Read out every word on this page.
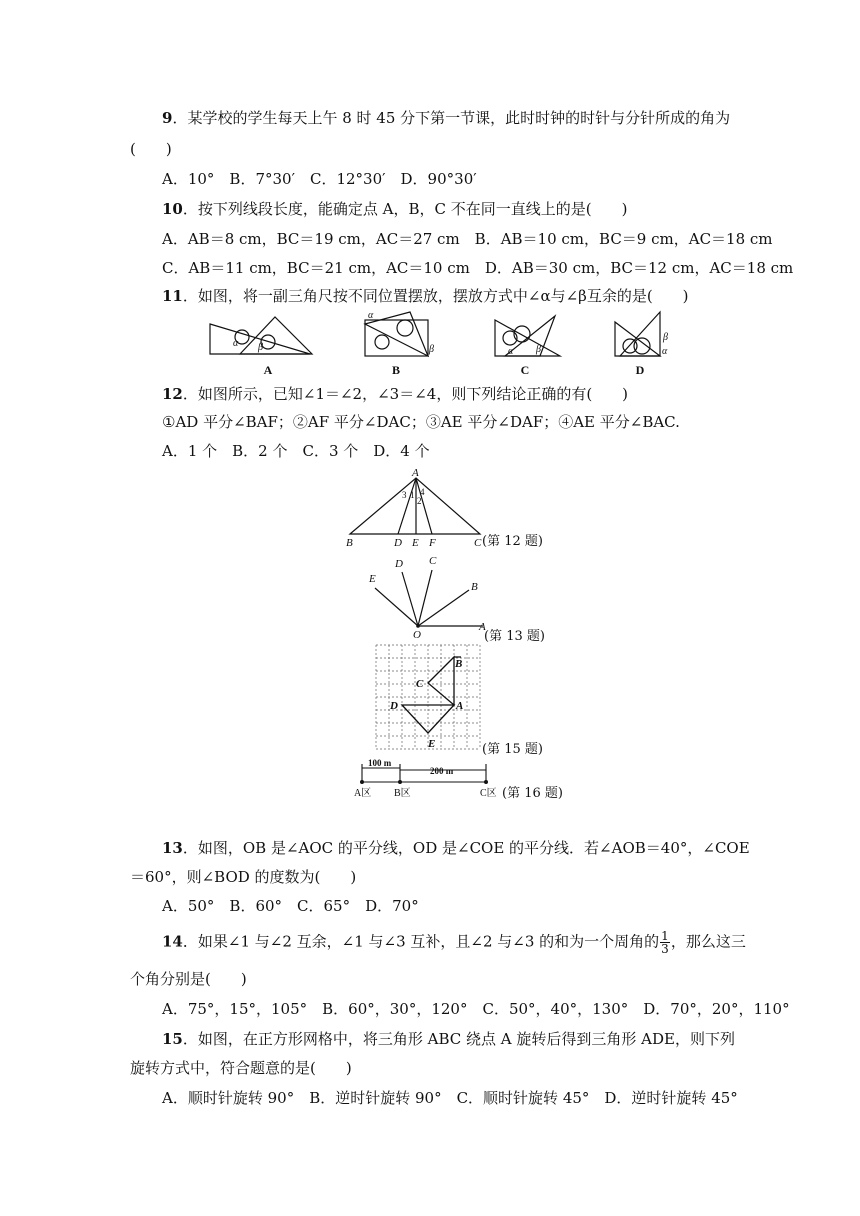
9．某学校的学生每天上午 8 时 45 分下第一节课，此时时钟的时针与分针所成的角为
(　　)
A．10°　B．7°30′　C．12°30′　D．90°30′
10．按下列线段长度，能确定点 A，B，C 不在同一直线上的是(　　)
A．AB＝8 cm，BC＝19 cm，AC＝27 cm　B．AB＝10 cm，BC＝9 cm，AC＝18 cm
C．AB＝11 cm，BC＝21 cm，AC＝10 cm　D．AB＝30 cm，BC＝12 cm，AC＝18 cm
11．如图，将一副三角尺按不同位置摆放，摆放方式中∠α与∠β互余的是(　　)
α β
α
β	α β
β
α
A	B	C	D
12．如图所示，已知∠1＝∠2，∠3＝∠4，则下列结论正确的有(　　)
①AD 平分∠BAF；②AF 平分∠DAC；③AE 平分∠DAF；④AE 平分∠BAC.
A．1 个　B．2 个　C．3 个　D．4 个
A
B	D E F	C
3 1
2
4
(第 12 题)
E
D C
B
A
O	(第 13 题)
B
C
D	A
E	(第 15 题)
100 m
200 m
A区 B区	C区 (第 16 题)
13．如图，OB 是∠AOC 的平分线，OD 是∠COE 的平分线．若∠AOB＝40°，∠COE
＝60°，则∠BOD 的度数为(　　)
A．50°　B．60°　C．65°　D．70°
14．如果∠1 与∠2 互余，∠1 与∠3 互补，且∠2 与∠3 的和为一个周角的 $\frac{1}{3}$ ，那么这三
个角分别是(　　)
A．75°，15°，105°　B．60°，30°，120°　C．50°，40°，130°　D．70°，20°，110°
15．如图，在正方形网格中，将三角形 ABC 绕点 A 旋转后得到三角形 ADE，则下列
旋转方式中，符合题意的是(　　)
A．顺时针旋转 90°　B．逆时针旋转 90°　C．顺时针旋转 45°　D．逆时针旋转 45°
